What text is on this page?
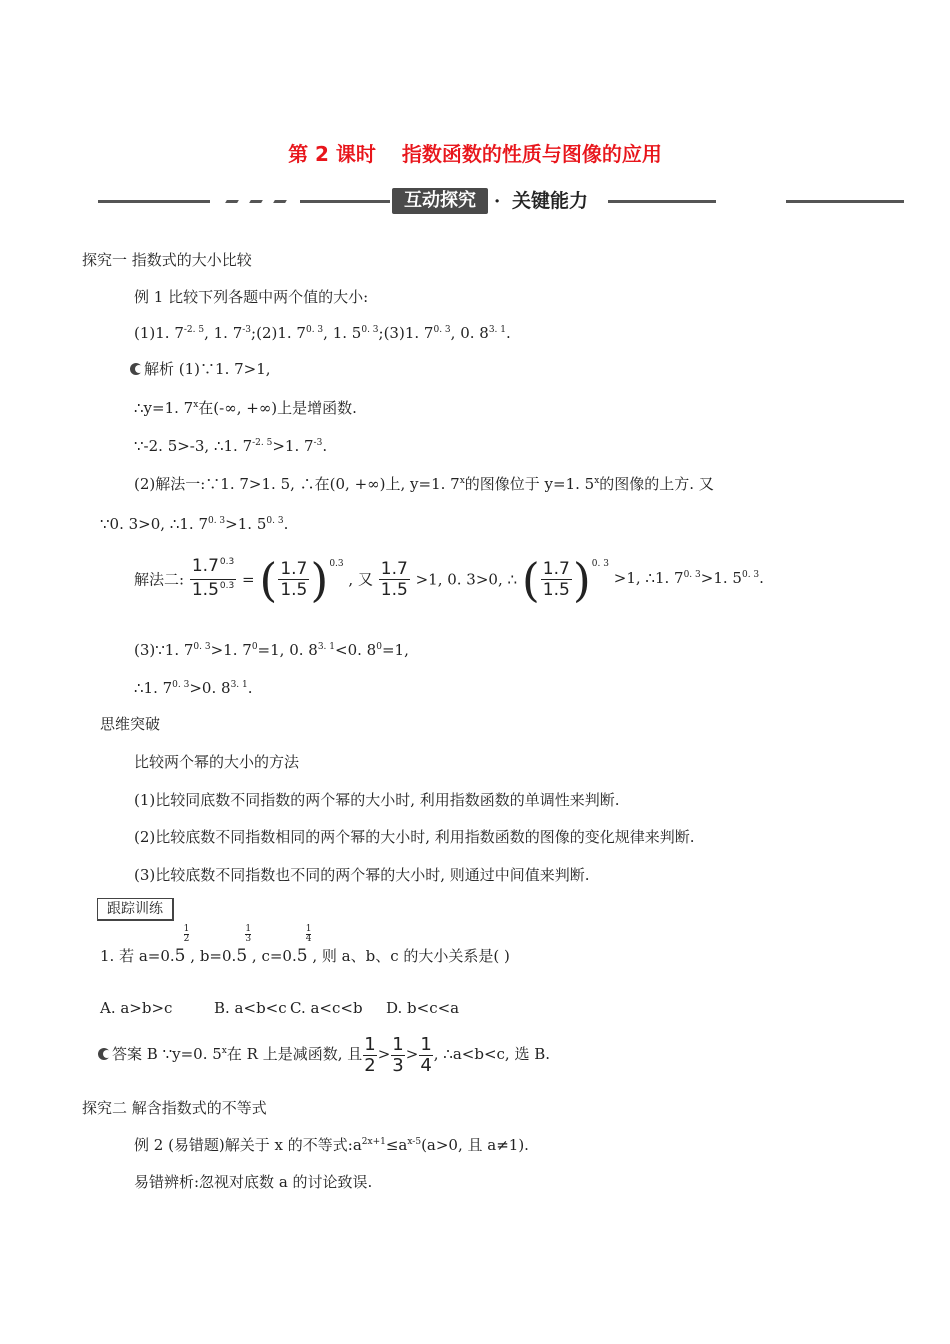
第 2 课时 指数函数的性质与图像的应用
互动探究	· 关键能力
探究一 指数式的大小比较
例 1 比较下列各题中两个值的大小:
(1)1. $7^{-2. 5}$, 1. $7^{-3};(2)1$. $7^{0. 3}$, 1. $5^{0. 3};(3)1$. $7^{0. 3}$, 0. $8^{3. 1}$.
解析 (1)∵1. 7>1,
∴y=1. 7$^x$在(-∞, +∞)上是增函数.
∵-2. 5>-3, ∴1. $7^{-2. 5}>1$. $7^{-3}$.
(2)解法一:∵1. 7>1. 5, ∴在(0, +∞)上, y=1. 7$^x$的图像位于 y=1. 5$^x$的图像的上方. 又
∵0. 3>0, ∴1. $7^{0. 3}>1$. $5^{0. 3}$.
解法二: $\frac{1.7^{0.3}}{1.5^{0.3}}$ = ( $\frac{1.7}{1.5}$ ) 0.3
, 又 $\frac{1.7}{1.5} >1$, 0. 3>0, ∴ ( $\frac{1.7}{1.5}$ ) 0. 3
>1, ∴1. $7^{0. 3}>1$. $5^{0. 3}$.
(3)∵1. $7^{0. 3}>1$. $7^0=1$, 0. $8^{3. 1}<0$. $8^0=1$,
∴1. $7^{0. 3}>0$. $8^{3. 1}$.
思维突破
比较两个幂的大小的方法
(1)比较同底数不同指数的两个幂的大小时, 利用指数函数的单调性来判断.
(2)比较底数不同指数相同的两个幂的大小时, 利用指数函数的图像的变化规律来判断.
(3)比较底数不同指数也不同的两个幂的大小时, 则通过中间值来判断.
跟踪训练
1. 若 a=0.5
1
2
, b=0.5
1
3
, c=0.5
1
4
, 则 a、b、c 的大小关系是( )
A. a>b>c	B. a<b<c C. a<c<b D. b<c<a
答案 B ∵y=0. 5$^x$在 R 上是减函数, 且 $\frac{1}{2} > \frac{1}{3} > \frac{1}{4}$ , ∴a<b<c, 选 B.
探究二 解含指数式的不等式
例 2 (易错题)解关于 x 的不等式$:a^{2x+1}\le a^{x-5}(a>0$, 且 a≠1).
易错辨析:忽视对底数 a 的讨论致误.
